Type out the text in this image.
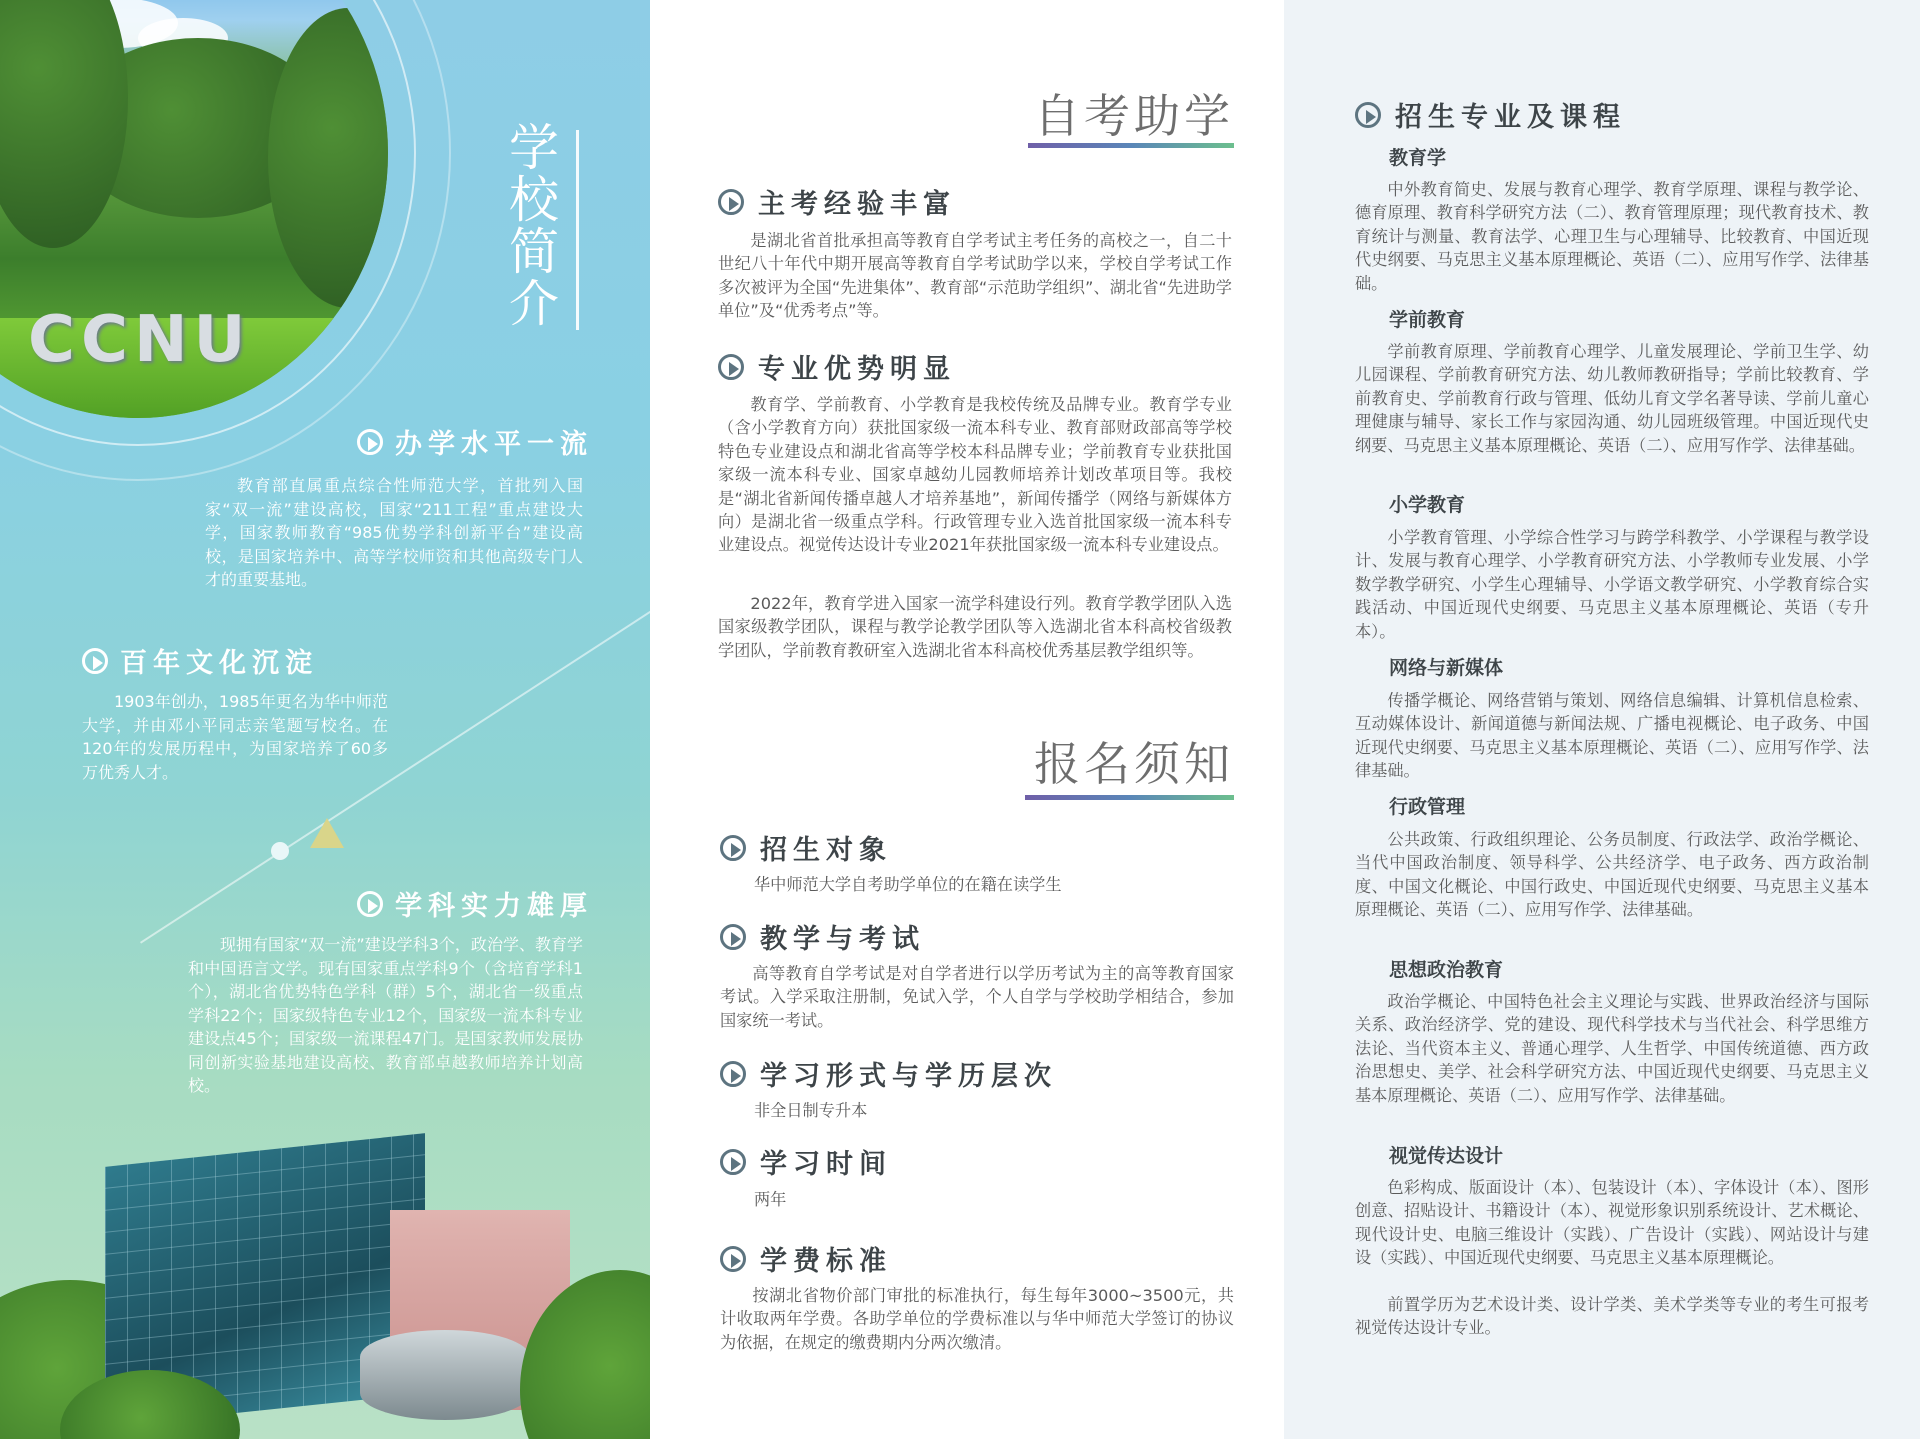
CCNU
学校简介
办学水平一流
教育部直属重点综合性师范大学，首批列入国家“双一流”建设高校，国家“211工程”重点建设大学，国家教师教育“985优势学科创新平台”建设高校，是国家培养中、高等学校师资和其他高级专门人才的重要基地。
百年文化沉淀
1903年创办，1985年更名为华中师范大学，并由邓小平同志亲笔题写校名。在120年的发展历程中，为国家培养了60多万优秀人才。
学科实力雄厚
现拥有国家“双一流”建设学科3个，政治学、教育学和中国语言文学。现有国家重点学科9个（含培育学科1个），湖北省优势特色学科（群）5个，湖北省一级重点学科22个；国家级特色专业12个，国家级一流本科专业建设点45个；国家级一流课程47门。是国家教师发展协同创新实验基地建设高校、教育部卓越教师培养计划高校。
自考助学
主考经验丰富
是湖北省首批承担高等教育自学考试主考任务的高校之一，自二十世纪八十年代中期开展高等教育自学考试助学以来，学校自学考试工作多次被评为全国“先进集体”、教育部“示范助学组织”、湖北省“先进助学单位”及“优秀考点”等。
专业优势明显
教育学、学前教育、小学教育是我校传统及品牌专业。教育学专业（含小学教育方向）获批国家级一流本科专业、教育部财政部高等学校特色专业建设点和湖北省高等学校本科品牌专业；学前教育专业获批国家级一流本科专业、国家卓越幼儿园教师培养计划改革项目等。我校是“湖北省新闻传播卓越人才培养基地”，新闻传播学（网络与新媒体方向）是湖北省一级重点学科。行政管理专业入选首批国家级一流本科专业建设点。视觉传达设计专业2021年获批国家级一流本科专业建设点。
2022年，教育学进入国家一流学科建设行列。教育学教学团队入选国家级教学团队，课程与教学论教学团队等入选湖北省本科高校省级教学团队，学前教育教研室入选湖北省本科高校优秀基层教学组织等。
报名须知
招生对象
华中师范大学自考助学单位的在籍在读学生
教学与考试
高等教育自学考试是对自学者进行以学历考试为主的高等教育国家考试。入学采取注册制，免试入学，个人自学与学校助学相结合，参加国家统一考试。
学习形式与学历层次
非全日制专升本
学习时间
两年
学费标准
按湖北省物价部门审批的标准执行，每生每年3000~3500元，共计收取两年学费。各助学单位的学费标准以与华中师范大学签订的协议为依据，在规定的缴费期内分两次缴清。
招生专业及课程
教育学
中外教育简史、发展与教育心理学、教育学原理、课程与教学论、德育原理、教育科学研究方法（二）、教育管理原理；现代教育技术、教育统计与测量、教育法学、心理卫生与心理辅导、比较教育、中国近现代史纲要、马克思主义基本原理概论、英语（二）、应用写作学、法律基础。
学前教育
学前教育原理、学前教育心理学、儿童发展理论、学前卫生学、幼儿园课程、学前教育研究方法、幼儿教师教研指导；学前比较教育、学前教育史、学前教育行政与管理、低幼儿育文学名著导读、学前儿童心理健康与辅导、家长工作与家园沟通、幼儿园班级管理。中国近现代史纲要、马克思主义基本原理概论、英语（二）、应用写作学、法律基础。
小学教育
小学教育管理、小学综合性学习与跨学科教学、小学课程与教学设计、发展与教育心理学、小学教育研究方法、小学教师专业发展、小学数学教学研究、小学生心理辅导、小学语文教学研究、小学教育综合实践活动、中国近现代史纲要、马克思主义基本原理概论、英语（专升本）。
网络与新媒体
传播学概论、网络营销与策划、网络信息编辑、计算机信息检索、互动媒体设计、新闻道德与新闻法规、广播电视概论、电子政务、中国近现代史纲要、马克思主义基本原理概论、英语（二）、应用写作学、法律基础。
行政管理
公共政策、行政组织理论、公务员制度、行政法学、政治学概论、当代中国政治制度、领导科学、公共经济学、电子政务、西方政治制度、中国文化概论、中国行政史、中国近现代史纲要、马克思主义基本原理概论、英语（二）、应用写作学、法律基础。
思想政治教育
政治学概论、中国特色社会主义理论与实践、世界政治经济与国际关系、政治经济学、党的建设、现代科学技术与当代社会、科学思维方法论、当代资本主义、普通心理学、人生哲学、中国传统道德、西方政治思想史、美学、社会科学研究方法、中国近现代史纲要、马克思主义基本原理概论、英语（二）、应用写作学、法律基础。
视觉传达设计
色彩构成、版面设计（本）、包装设计（本）、字体设计（本）、图形创意、招贴设计、书籍设计（本）、视觉形象识别系统设计、艺术概论、现代设计史、电脑三维设计（实践）、广告设计（实践）、网站设计与建设（实践）、中国近现代史纲要、马克思主义基本原理概论。
前置学历为艺术设计类、设计学类、美术学类等专业的考生可报考视觉传达设计专业。
